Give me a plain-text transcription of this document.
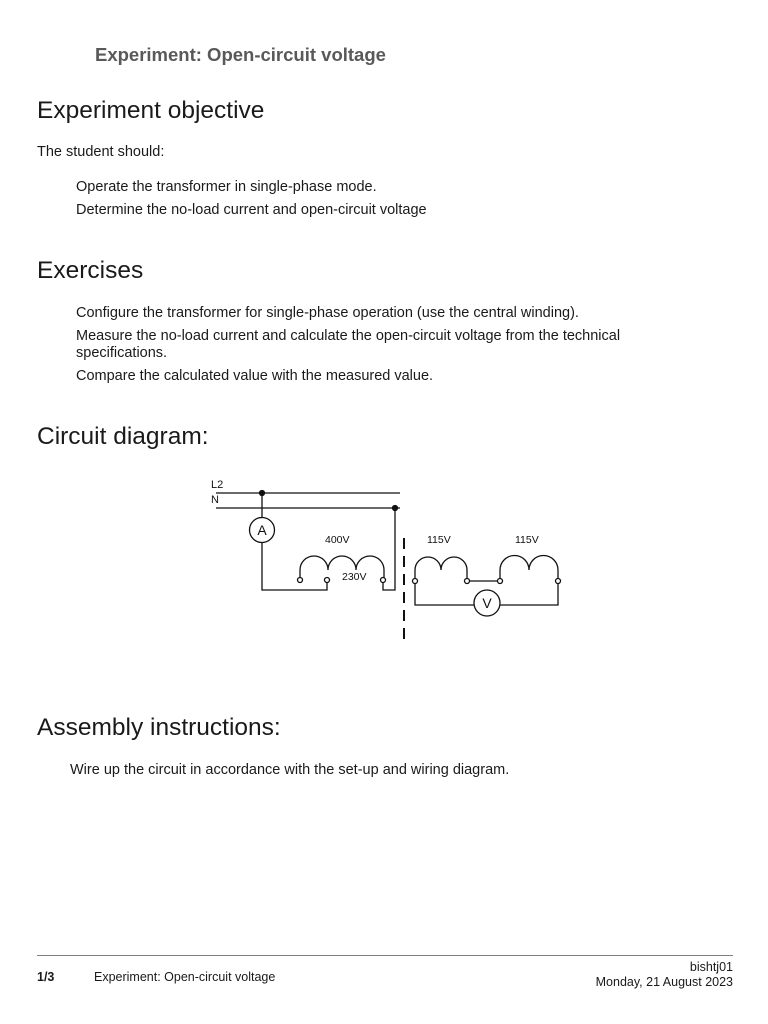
Experiment: Open-circuit voltage
Experiment objective
The student should:
Operate the transformer in single-phase mode.
Determine the no-load current and open-circuit voltage
Exercises
Configure the transformer for single-phase operation (use the central winding).
Measure the no-load current and calculate the open-circuit voltage from the technical specifications.
Compare the calculated value with the measured value.
Circuit diagram:
L2
N
A
400V
230V
115V	115V
V
Assembly instructions:
Wire up the circuit in accordance with the set-up and wiring diagram.
1/3	Experiment: Open-circuit voltage
bishtj01
Monday, 21 August 2023
